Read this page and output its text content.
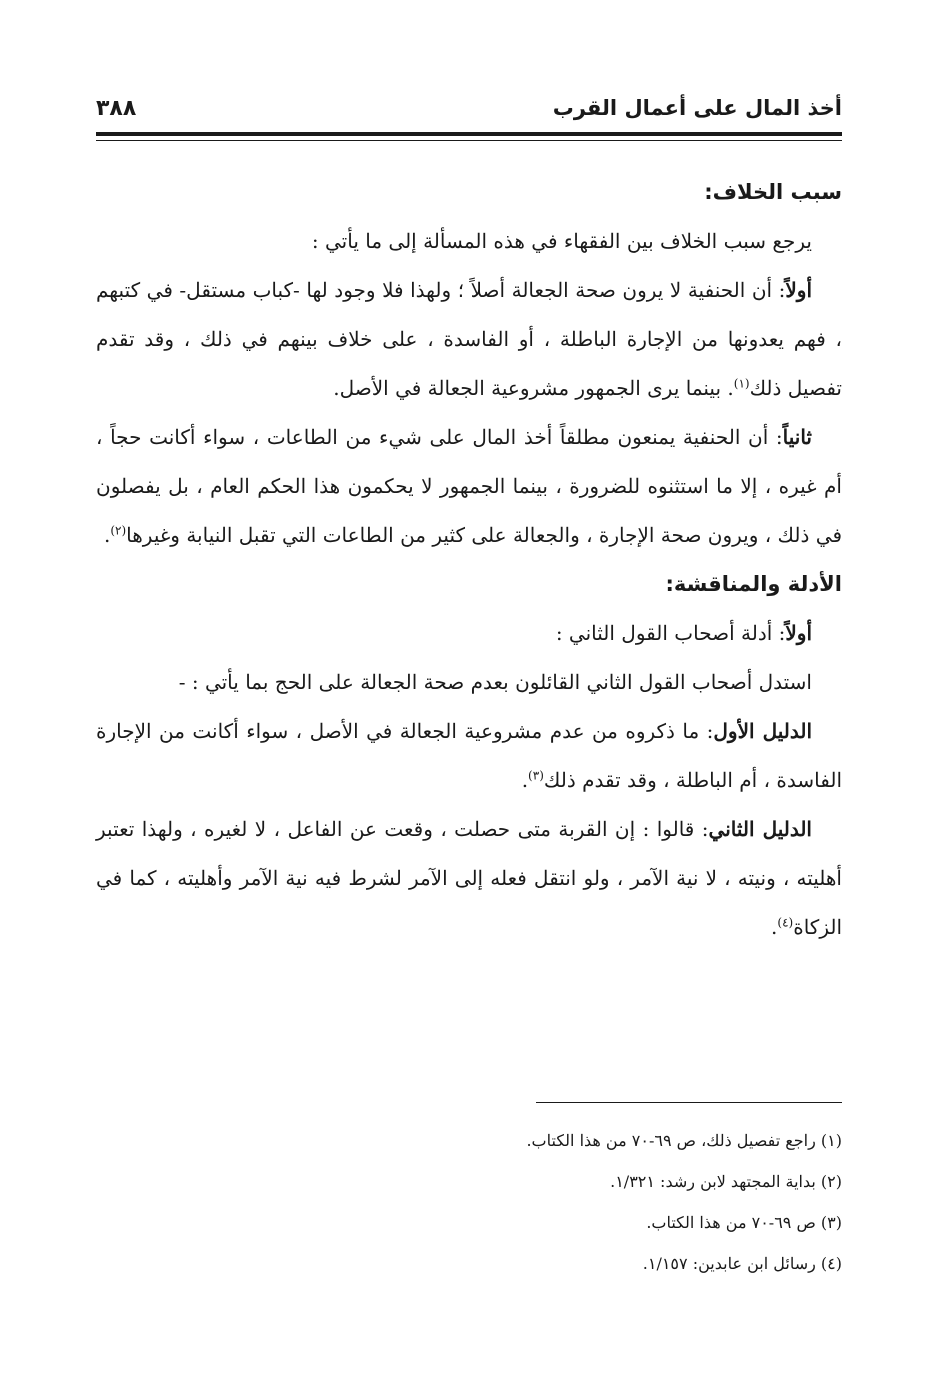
أخذ المال على أعمال القرب
٣٨٨
سبب الخلاف:

يرجع سبب الخلاف بين الفقهاء في هذه المسألة إلى ما يأتي :

أولاً: أن الحنفية لا يرون صحة الجعالة أصلاً ؛ ولهذا فلا وجود لها -كباب مستقل- في كتبهم ، فهم يعدونها من الإجارة الباطلة ، أو الفاسدة ، على خلاف بينهم في ذلك ، وقد تقدم تفصيل ذلك$^{(١)}$. بينما يرى الجمهور مشروعية الجعالة في الأصل.

ثانياً: أن الحنفية يمنعون مطلقاً أخذ المال على شيء من الطاعات ، سواء أكانت حجاً ، أم غيره ، إلا ما استثنوه للضرورة ، بينما الجمهور لا يحكمون هذا الحكم العام ، بل يفصلون في ذلك ، ويرون صحة الإجارة ، والجعالة على كثير من الطاعات التي تقبل النيابة وغيرها$^{(٢)}$.

الأدلة والمناقشة:

أولاً: أدلة أصحاب القول الثاني :

استدل أصحاب القول الثاني القائلون بعدم صحة الجعالة على الحج بما يأتي : -

الدليل الأول: ما ذكروه من عدم مشروعية الجعالة في الأصل ، سواء أكانت من الإجارة الفاسدة ، أم الباطلة ، وقد تقدم ذلك$^{(٣)}$.

الدليل الثاني: قالوا : إن القربة متى حصلت ، وقعت عن الفاعل ، لا لغيره ، ولهذا تعتبر أهليته ، ونيته ، لا نية الآمر ، ولو انتقل فعله إلى الآمر لشرط فيه نية الآمر وأهليته ، كما في الزكاة$^{(٤)}$.

(١) راجع تفصيل ذلك، ص ٦٩-٧٠ من هذا الكتاب.

(٢) بداية المجتهد لابن رشد: ١/٣٢١.

(٣) ص ٦٩-٧٠ من هذا الكتاب.

(٤) رسائل ابن عابدين: ١/١٥٧.
